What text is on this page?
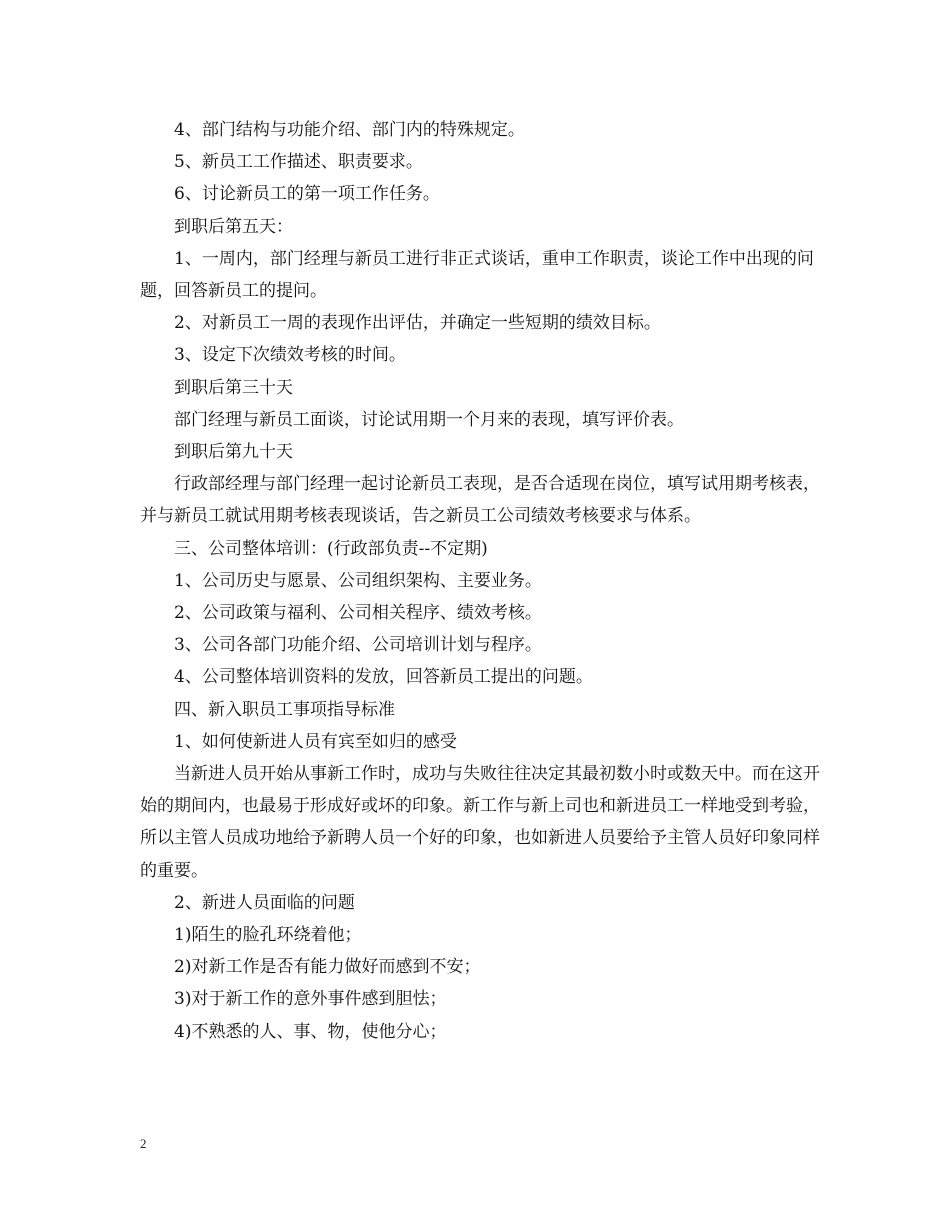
4、部门结构与功能介绍、部门内的特殊规定。

5、新员工工作描述、职责要求。

6、讨论新员工的第一项工作任务。

到职后第五天：

1、一周内，部门经理与新员工进行非正式谈话，重申工作职责，谈论工作中出现的问题，回答新员工的提问。

2、对新员工一周的表现作出评估，并确定一些短期的绩效目标。

3、设定下次绩效考核的时间。

到职后第三十天

部门经理与新员工面谈，讨论试用期一个月来的表现，填写评价表。

到职后第九十天

行政部经理与部门经理一起讨论新员工表现，是否合适现在岗位，填写试用期考核表，并与新员工就试用期考核表现谈话，告之新员工公司绩效考核要求与体系。

三、公司整体培训：(行政部负责--不定期)

1、公司历史与愿景、公司组织架构、主要业务。

2、公司政策与福利、公司相关程序、绩效考核。

3、公司各部门功能介绍、公司培训计划与程序。

4、公司整体培训资料的发放，回答新员工提出的问题。

四、新入职员工事项指导标准

1、如何使新进人员有宾至如归的感受

当新进人员开始从事新工作时，成功与失败往往决定其最初数小时或数天中。而在这开始的期间内，也最易于形成好或坏的印象。新工作与新上司也和新进员工一样地受到考验，所以主管人员成功地给予新聘人员一个好的印象，也如新进人员要给予主管人员好印象同样的重要。

2、新进人员面临的问题

1)陌生的脸孔环绕着他；

2)对新工作是否有能力做好而感到不安；

3)对于新工作的意外事件感到胆怯；

4)不熟悉的人、事、物，使他分心；

2
